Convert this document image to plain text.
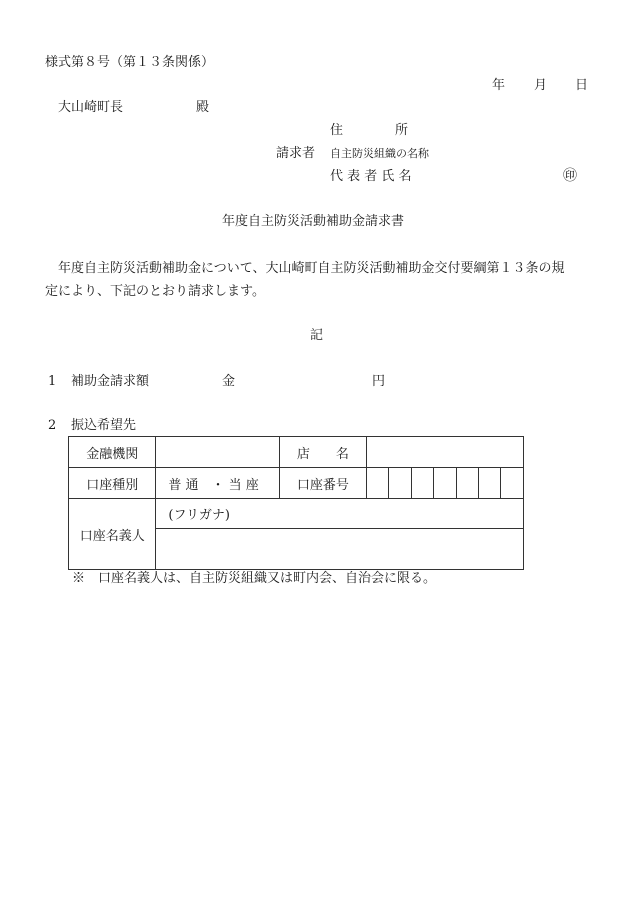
様式第８号（第１３条関係）
年 月 日
大山崎町長	殿
住　　　　所
請求者 自主防災組織の名称
代 表 者 氏 名	㊞
年度自主防災活動補助金請求書
年度自主防災活動補助金について、大山崎町自主防災活動補助金交付要綱第１３条の規
定により、下記のとおり請求します。
記
1 補助金請求額	金	円
2 振込希望先
金融機関		店　　名							
口座種別	普 通　・ 当 座	口座番号							
口座名義人	(フリガナ)								

※　口座名義人は、自主防災組織又は町内会、自治会に限る。
